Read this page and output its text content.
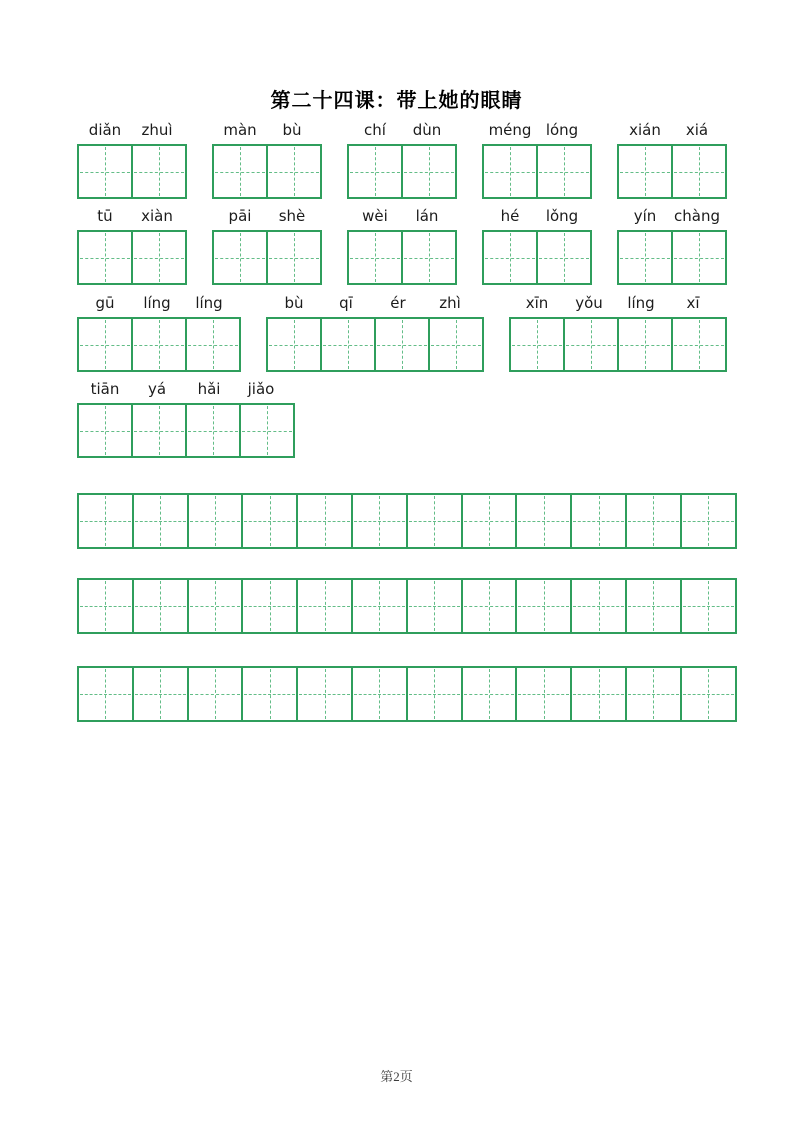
第二十四课：带上她的眼睛
diǎn	zhuì	màn	bù	chí	dùn	méng lóng	xián	xiá
tū	xiàn	pāi	shè	wèi	lán	hé	lǒng	yín	chàng
gū	líng	líng	bù	qī	ér	zhì	xīn	yǒu	líng	xī
tiān	yá	hǎi	jiǎo
第2页
